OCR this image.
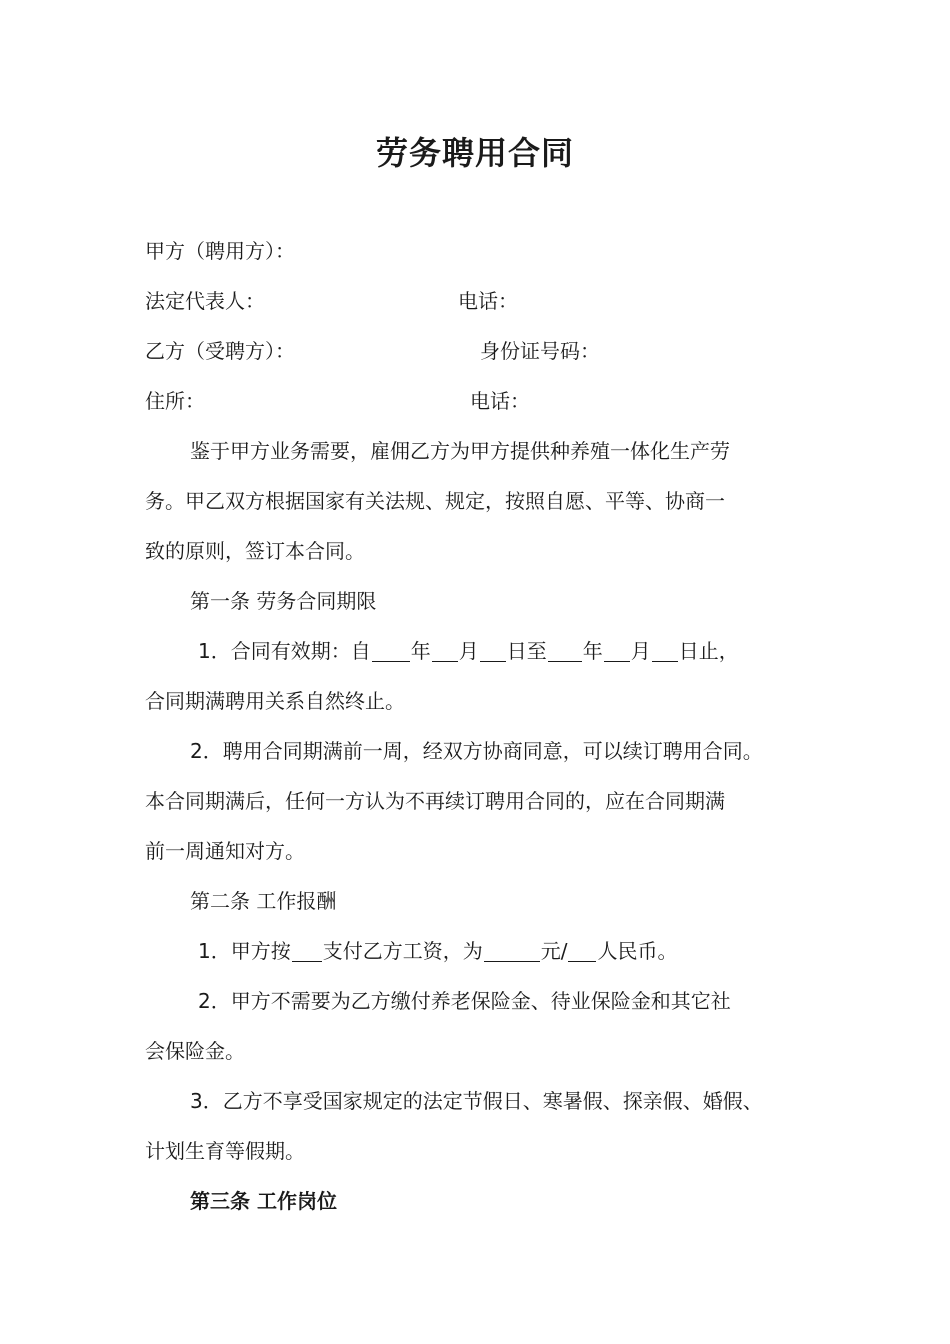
劳务聘用合同
甲方（聘用方）：
法定代表人：	电话：
乙方（受聘方）：	身份证号码：
住所：	电话：
鉴于甲方业务需要，雇佣乙方为甲方提供种养殖一体化生产劳
务。甲乙双方根据国家有关法规、规定，按照自愿、平等、协商一
致的原则，签订本合同。
第一条 劳务合同期限
1．合同有效期：自 年 月 日至 年 月 日止，
合同期满聘用关系自然终止。
2．聘用合同期满前一周，经双方协商同意，可以续订聘用合同。
本合同期满后，任何一方认为不再续订聘用合同的，应在合同期满
前一周通知对方。
第二条 工作报酬
1．甲方按 支付乙方工资，为	元/ 人民币。
2．甲方不需要为乙方缴付养老保险金、待业保险金和其它社
会保险金。
3．乙方不享受国家规定的法定节假日、寒暑假、探亲假、婚假、
计划生育等假期。
第三条 工作岗位
